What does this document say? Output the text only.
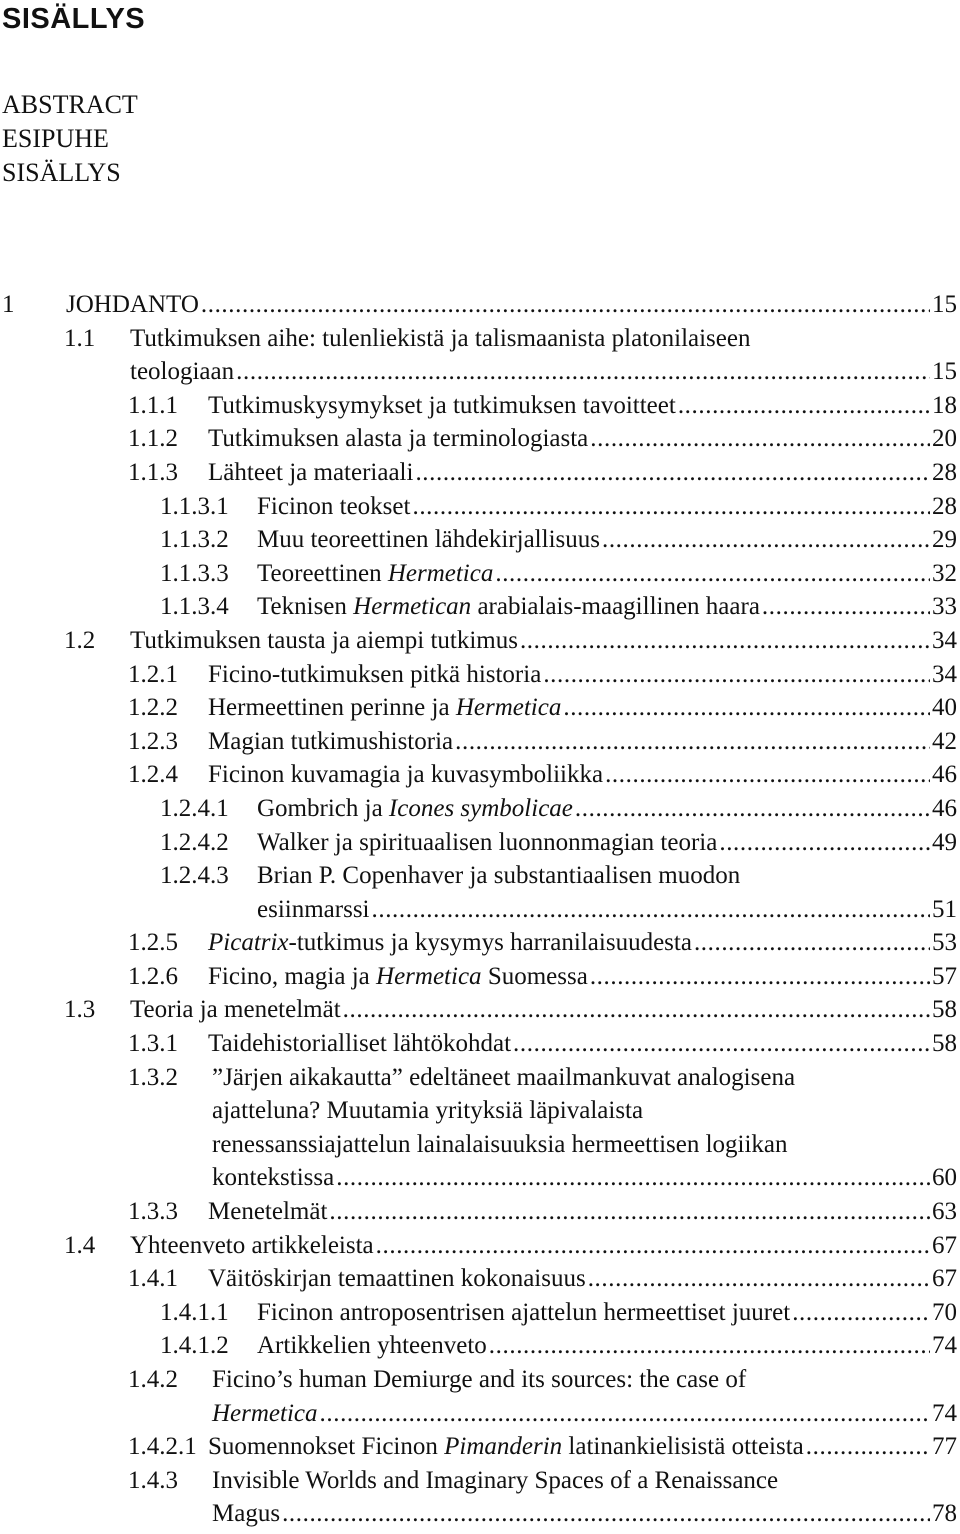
SISÄLLYS
ABSTRACT
ESIPUHE
SISÄLLYS
1 JOHDANTO .....	15
1.1 Tutkimuksen aihe: tulenliekistä ja talismaanista platonilaiseen
teologiaan .....	15
1.1.1 Tutkimuskysymykset ja tutkimuksen tavoitteet .....	18
1.1.2 Tutkimuksen alasta ja terminologiasta .....	20
1.1.3 Lähteet ja materiaali .....	28
1.1.3.1 Ficinon teokset .....	28
1.1.3.2 Muu teoreettinen lähdekirjallisuus .....	29
1.1.3.3 Teoreettinen Hermetica .....	32
1.1.3.4 Teknisen Hermetican arabialais-maagillinen haara .....	33
1.2 Tutkimuksen tausta ja aiempi tutkimus .....	34
1.2.1 Ficino-tutkimuksen pitkä historia .....	34
1.2.2 Hermeettinen perinne ja Hermetica .....	40
1.2.3 Magian tutkimushistoria .....	42
1.2.4 Ficinon kuvamagia ja kuvasymboliikka .....	46
1.2.4.1 Gombrich ja Icones symbolicae .....	46
1.2.4.2 Walker ja spirituaalisen luonnonmagian teoria .....	49
1.2.4.3 Brian P. Copenhaver ja substantiaalisen muodon
esiinmarssi .....	51
1.2.5 Picatrix-tutkimus ja kysymys harranilaisuudesta .....	53
1.2.6 Ficino, magia ja Hermetica Suomessa .....	57
1.3 Teoria ja menetelmät .....	58
1.3.1 Taidehistorialliset lähtökohdat .....	58
1.3.2 ”Järjen aikakautta” edeltäneet maailmankuvat analogisena
ajatteluna? Muutamia yrityksiä läpivalaista
renessanssiajattelun lainalaisuuksia hermeettisen logiikan
kontekstissa .....	60
1.3.3 Menetelmät .....	63
1.4 Yhteenveto artikkeleista .....	67
1.4.1 Väitöskirjan temaattinen kokonaisuus .....	67
1.4.1.1 Ficinon antroposentrisen ajattelun hermeettiset juuret .....	70
1.4.1.2 Artikkelien yhteenveto .....	74
1.4.2 Ficino’s human Demiurge and its sources: the case of
Hermetica .....	74
1.4.2.1 Suomennokset Ficinon Pimanderin latinankielisistä otteista .....	77
1.4.3 Invisible Worlds and Imaginary Spaces of a Renaissance
Magus .....	78
